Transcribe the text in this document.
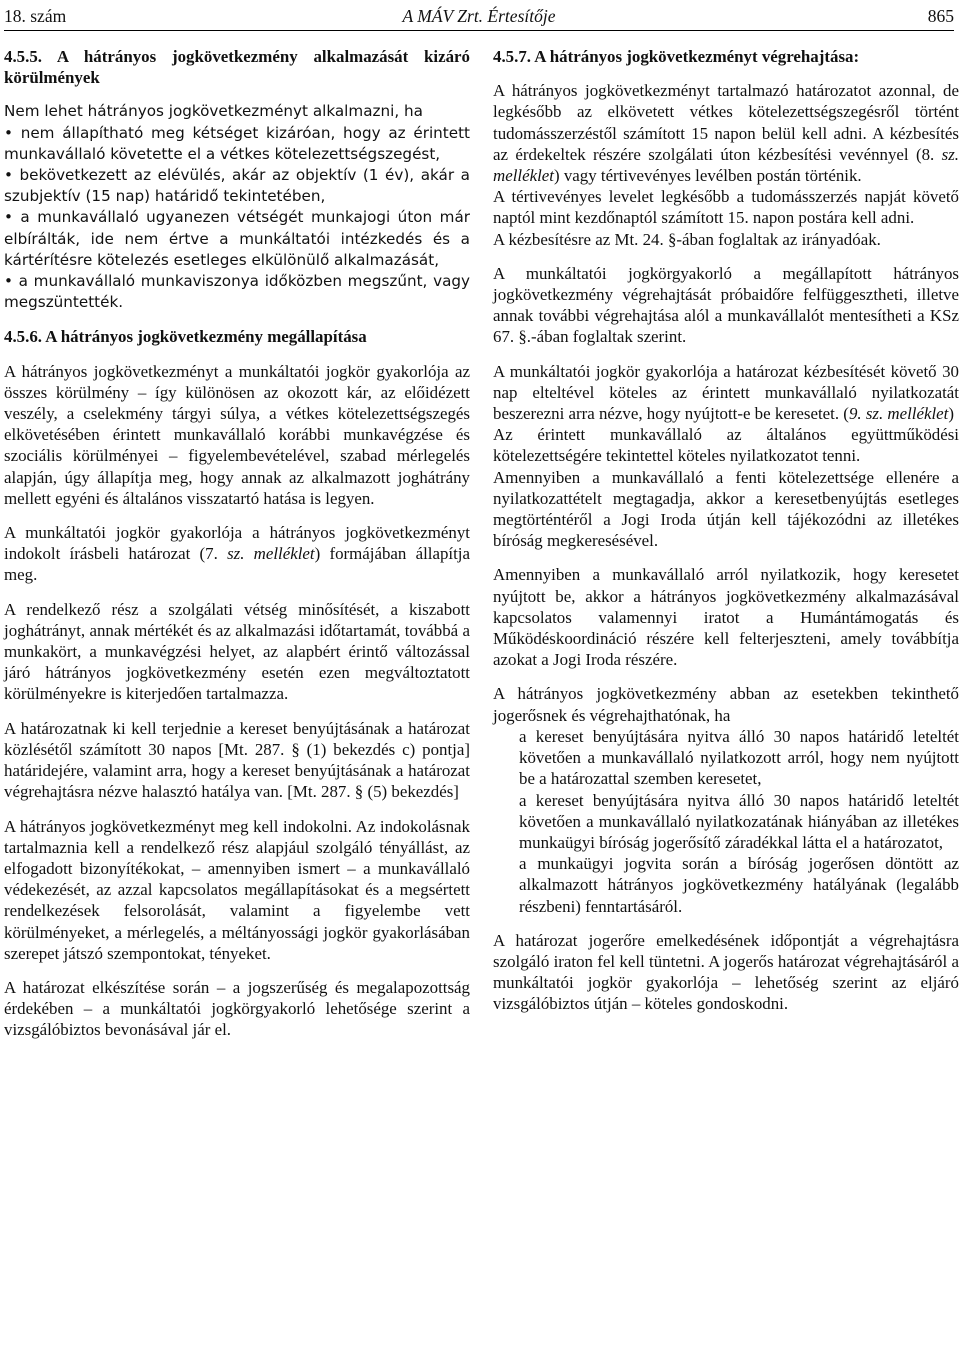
18. szám	A MÁV Zrt. Értesítője	865

4.5.5. A hátrányos jogkövetkezmény alkalmazását kizáró körülmények

Nem lehet hátrányos jogkövetkezményt alkalmazni, ha

• nem állapítható meg kétséget kizáróan, hogy az érintett munkavállaló követette el a vétkes kötelezettségszegést,

• bekövetkezett az elévülés, akár az objektív (1 év), akár a szubjektív (15 nap) határidő tekintetében,

• a munkavállaló ugyanezen vétségét munkajogi úton már elbírálták, ide nem értve a munkáltatói intézkedés és a kártérítésre kötelezés esetleges elkülönülő alkalmazását,

• a munkavállaló munkaviszonya időközben megszűnt, vagy megszüntették.

4.5.6. A hátrányos jogkövetkezmény megállapítása

A hátrányos jogkövetkezményt a munkáltatói jogkör gyakorlója az összes körülmény – így különösen az okozott kár, az előidézett veszély, a cselekmény tárgyi súlya, a vétkes kötelezettségszegés elkövetésében érintett munkavállaló korábbi munkavégzése és szociális körülményei – figyelembevételével, szabad mérlegelés alapján, úgy állapítja meg, hogy annak az alkalmazott joghátrány mellett egyéni és általános visszatartó hatása is legyen.

A munkáltatói jogkör gyakorlója a hátrányos jogkövetkezményt indokolt írásbeli határozat (7. sz. melléklet) formájában állapítja meg.

A rendelkező rész a szolgálati vétség minősítését, a kiszabott joghátrányt, annak mértékét és az alkalmazási időtartamát, továbbá a munkakört, a munkavégzési helyet, az alapbért érintő változással járó hátrányos jogkövetkezmény esetén ezen megváltoztatott körülményekre is kiterjedően tartalmazza.

A határozatnak ki kell terjednie a kereset benyújtásának a határozat közlésétől számított 30 napos [Mt. 287. § (1) bekezdés c) pontja] határidejére, valamint arra, hogy a kereset benyújtásának a határozat végrehajtásra nézve halasztó hatálya van. [Mt. 287. § (5) bekezdés]

A hátrányos jogkövetkezményt meg kell indokolni. Az indokolásnak tartalmaznia kell a rendelkező rész alapjául szolgáló tényállást, az elfogadott bizonyítékokat, – amennyiben ismert – a munkavállaló védekezését, az azzal kapcsolatos megállapításokat és a megsértett rendelkezések felsorolását, valamint a figyelembe vett körülményeket, a mérlegelés, a méltányossági jogkör gyakorlásában szerepet játszó szempontokat, tényeket.

A határozat elkészítése során – a jogszerűség és megalapozottság érdekében – a munkáltatói jogkörgyakorló lehetősége szerint a vizsgálóbiztos bevonásával jár el.

4.5.7. A hátrányos jogkövetkezményt végrehajtása:

A hátrányos jogkövetkezményt tartalmazó határozatot azonnal, de legkésőbb az elkövetett vétkes kötelezettségszegésről történt tudomásszerzéstől számított 15 napon belül kell adni. A kézbesítés az érdekeltek részére szolgálati úton kézbesítési vevénnyel (8. sz. melléklet) vagy tértivevényes levélben postán történik.

A tértivevényes levelet legkésőbb a tudomásszerzés napját követő naptól mint kezdőnaptól számított 15. napon postára kell adni.

A kézbesítésre az Mt. 24. §-ában foglaltak az irányadóak.

A munkáltatói jogkörgyakorló a megállapított hátrányos jogkövetkezmény végrehajtását próbaidőre felfüggesztheti, illetve annak további végrehajtása alól a munkavállalót mentesítheti a KSz 67. §.-ában foglaltak szerint.

A munkáltatói jogkör gyakorlója a határozat kézbesítését követő 30 nap elteltével köteles az érintett munkavállaló nyilatkozatát beszerezni arra nézve, hogy nyújtott-e be keresetet. (9. sz. melléklet)

Az érintett munkavállaló az általános együttműködési kötelezettségére tekintettel köteles nyilatkozatot tenni.

Amennyiben a munkavállaló a fenti kötelezettsége ellenére a nyilatkozattételt megtagadja, akkor a keresetbenyújtás esetleges megtörténtéről a Jogi Iroda útján kell tájékozódni az illetékes bíróság megkeresésével.

Amennyiben a munkavállaló arról nyilatkozik, hogy keresetet nyújtott be, akkor a hátrányos jogkövetkezmény alkalmazásával kapcsolatos valamennyi iratot a Humántámogatás és Működéskoordináció részére kell felterjeszteni, amely továbbítja azokat a Jogi Iroda részére.

A hátrányos jogkövetkezmény abban az esetekben tekinthető jogerősnek és végrehajthatónak, ha

a kereset benyújtására nyitva álló 30 napos határidő leteltét követően a munkavállaló nyilatkozott arról, hogy nem nyújtott be a határozattal szemben keresetet,

a kereset benyújtására nyitva álló 30 napos határidő leteltét követően a munkavállaló nyilatkozatának hiányában az illetékes munkaügyi bíróság jogerősítő záradékkal látta el a határozatot,

a munkaügyi jogvita során a bíróság jogerősen döntött az alkalmazott hátrányos jogkövetkezmény hatályának (legalább részbeni) fenntartásáról.

A határozat jogerőre emelkedésének időpontját a végrehajtásra szolgáló iraton fel kell tüntetni. A jogerős határozat végrehajtásáról a munkáltatói jogkör gyakorlója – lehetőség szerint az eljáró vizsgálóbiztos útján – köteles gondoskodni.
